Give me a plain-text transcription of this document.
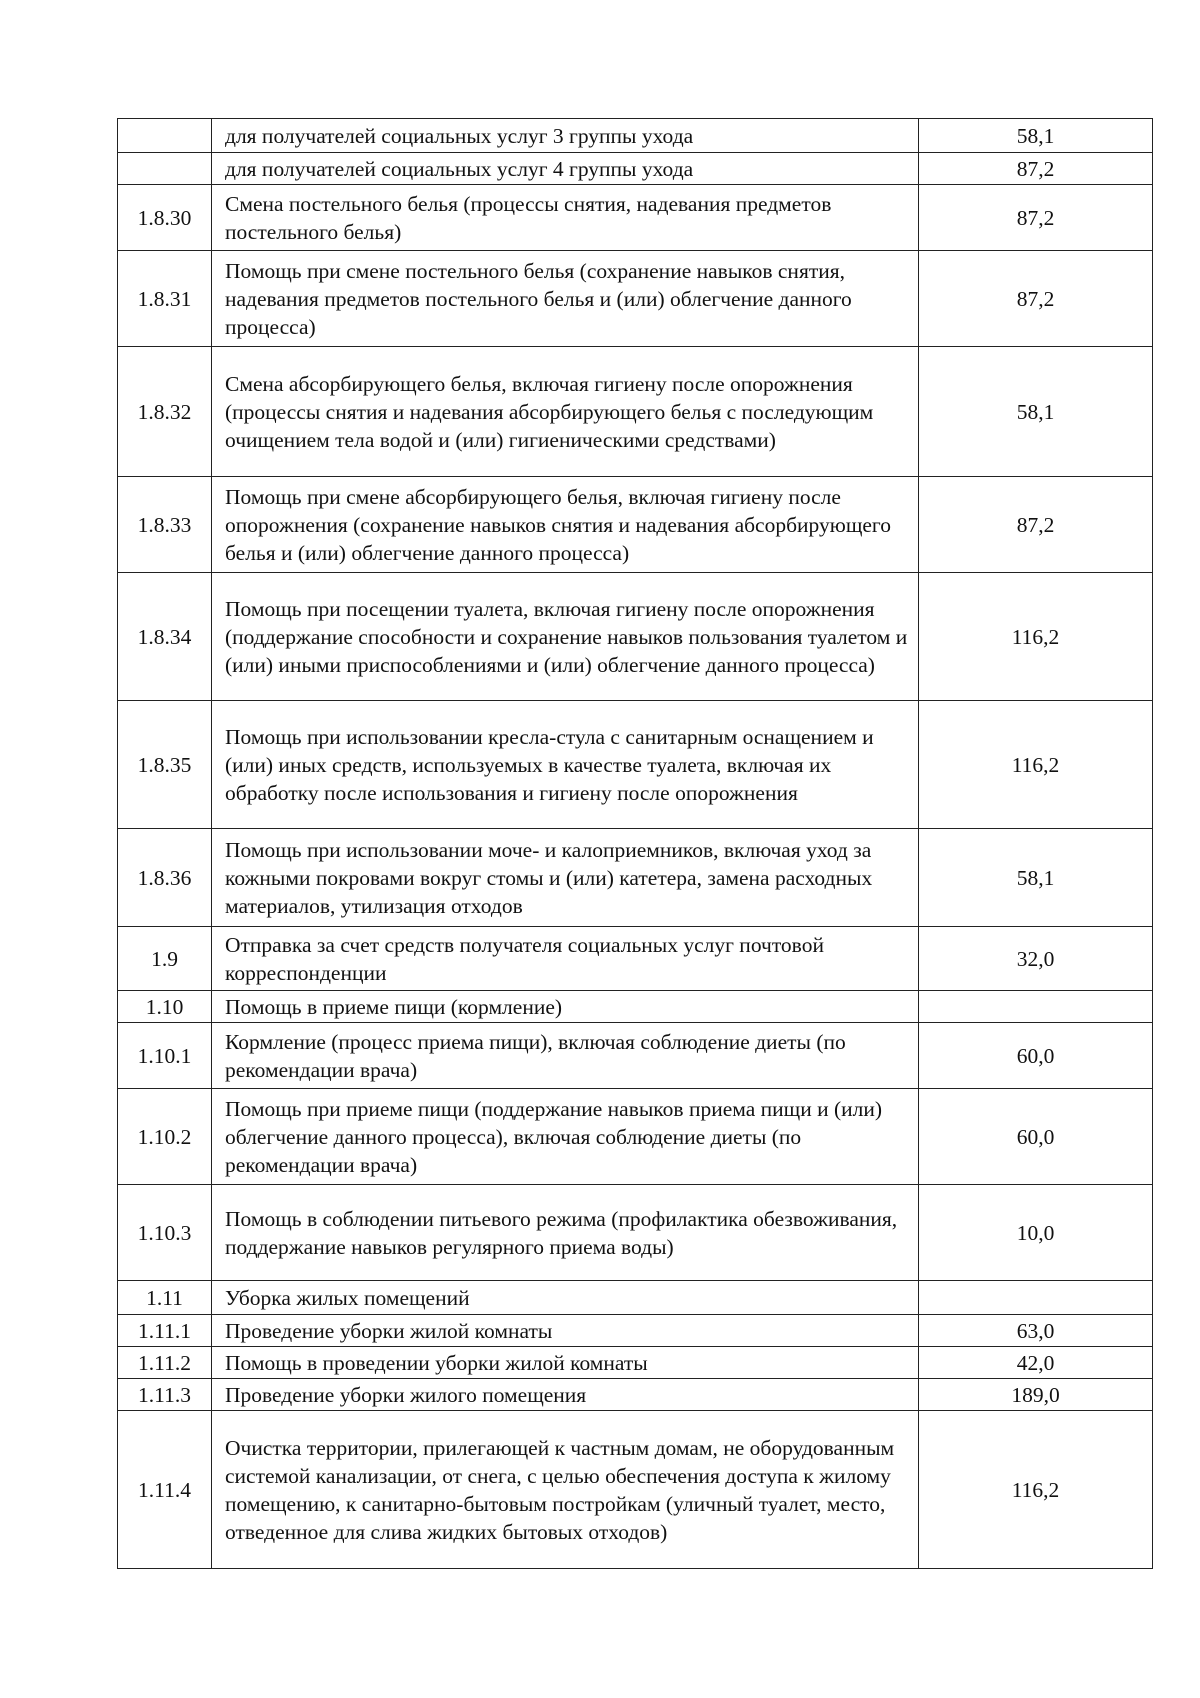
	для получателей социальных услуг 3 группы ухода	58,1
	для получателей социальных услуг 4 группы ухода	87,2
1.8.30	Смена постельного белья (процессы снятия, надевания предметов постельного белья)	87,2
1.8.31	Помощь при смене постельного белья (сохранение навыков снятия, надевания предметов постельного белья и (или) облегчение данного процесса)	87,2
1.8.32	Смена абсорбирующего белья, включая гигиену после опорожнения (процессы снятия и надевания абсорбирующего белья с последующим очищением тела водой и (или) гигиеническими средствами)	58,1
1.8.33	Помощь при смене абсорбирующего белья, включая гигиену после опорожнения (сохранение навыков снятия и надевания абсорбирующего белья и (или) облегчение данного процесса)	87,2
1.8.34	Помощь при посещении туалета, включая гигиену после опорожнения (поддержание способности и сохранение навыков пользования туалетом и (или) иными приспособлениями и (или) облегчение данного процесса)	116,2
1.8.35	Помощь при использовании кресла-стула с санитарным оснащением и (или) иных средств, используемых в качестве туалета, включая их обработку после использования и гигиену после опорожнения	116,2
1.8.36	Помощь при использовании моче- и калоприемников, включая уход за кожными покровами вокруг стомы и (или) катетера, замена расходных материалов, утилизация отходов	58,1
1.9	Отправка за счет средств получателя социальных услуг почтовой корреспонденции	32,0
1.10	Помощь в приеме пищи (кормление)	
1.10.1	Кормление (процесс приема пищи), включая соблюдение диеты (по рекомендации врача)	60,0
1.10.2	Помощь при приеме пищи (поддержание навыков приема пищи и (или) облегчение данного процесса), включая соблюдение диеты (по рекомендации врача)	60,0
1.10.3	Помощь в соблюдении питьевого режима (профилактика обезвоживания, поддержание навыков регулярного приема воды)	10,0
1.11	Уборка жилых помещений	
1.11.1	Проведение уборки жилой комнаты	63,0
1.11.2	Помощь в проведении уборки жилой комнаты	42,0
1.11.3	Проведение уборки жилого помещения	189,0
1.11.4	Очистка территории, прилегающей к частным домам, не оборудованным системой канализации, от снега, с целью обеспечения доступа к жилому помещению, к санитарно-бытовым постройкам (уличный туалет, место, отведенное для слива жидких бытовых отходов)	116,2
